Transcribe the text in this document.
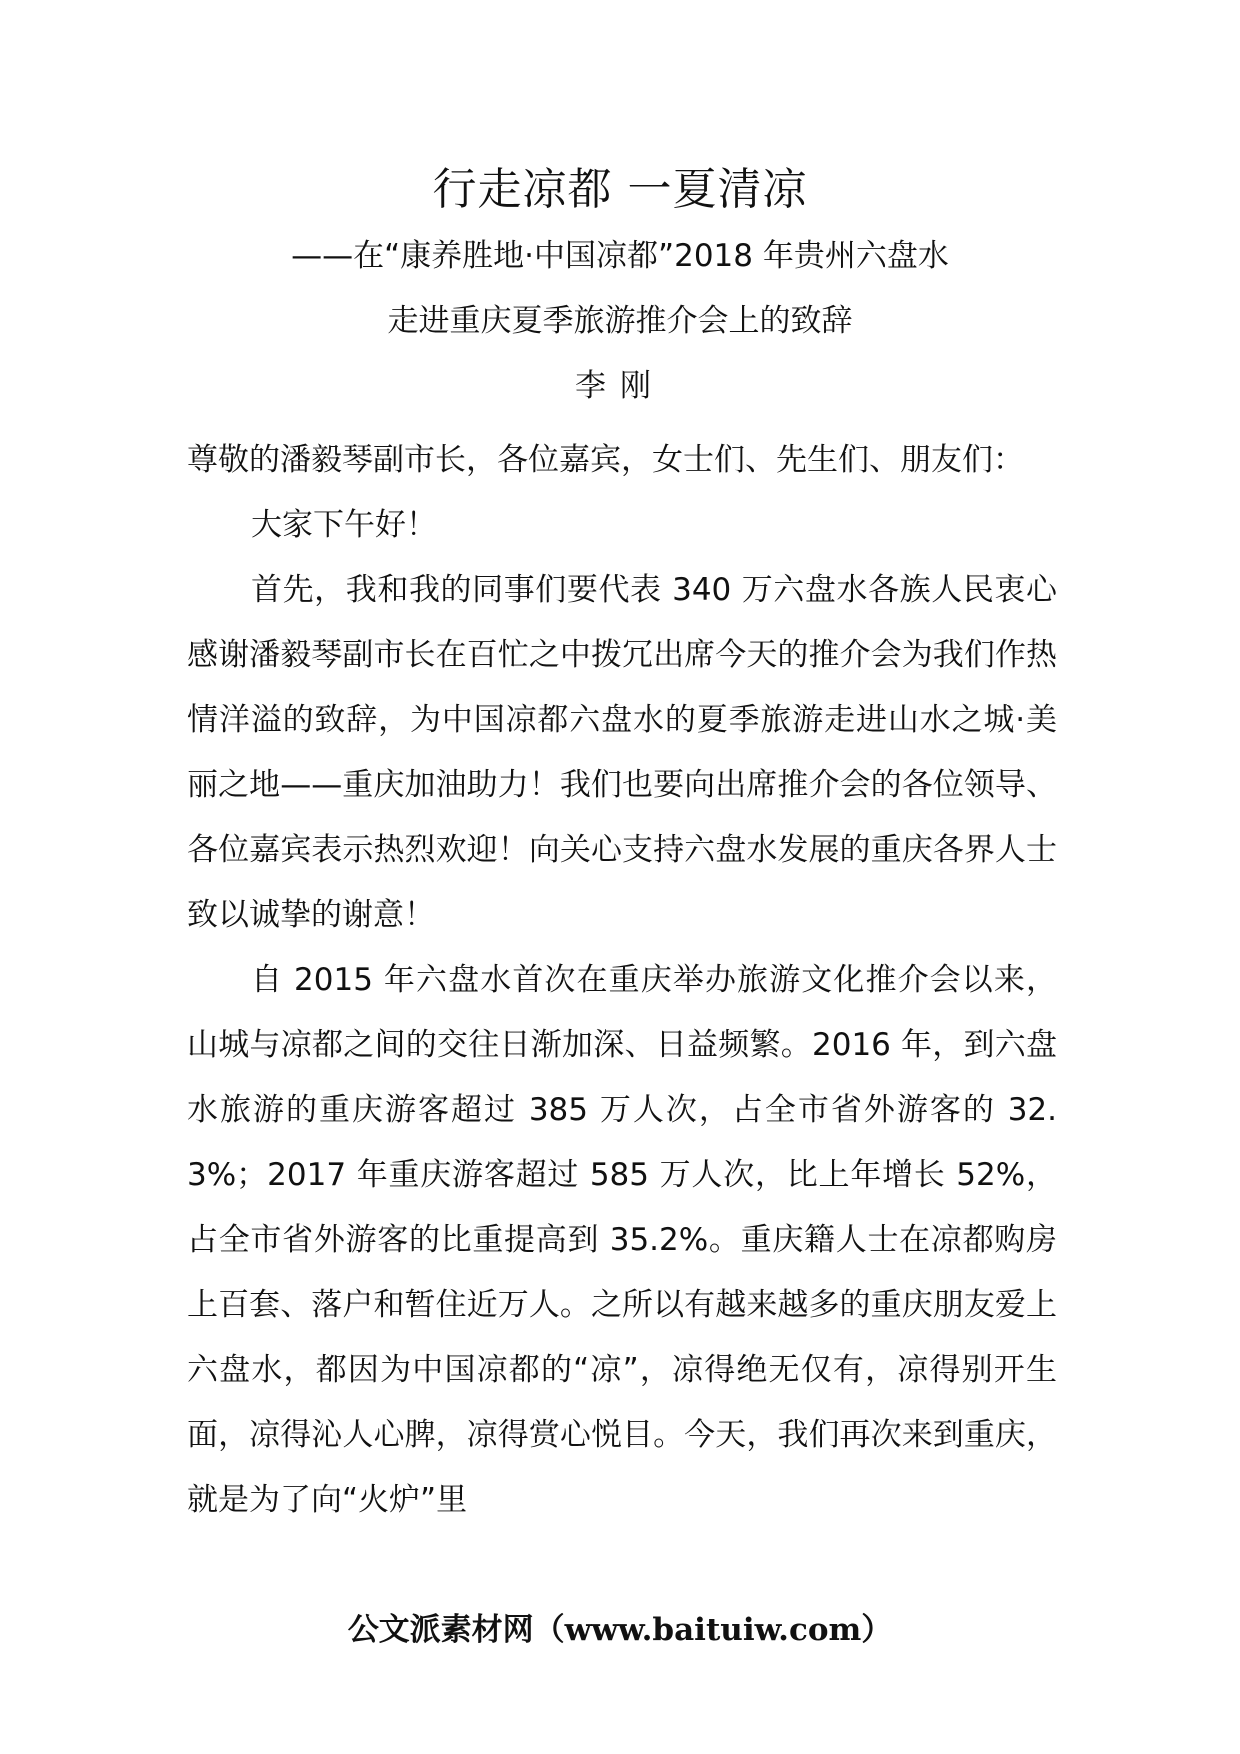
行走凉都 一夏清凉
——在“康养胜地·中国凉都”2018 年贵州六盘水
走进重庆夏季旅游推介会上的致辞
李刚

尊敬的潘毅琴副市长，各位嘉宾，女士们、先生们、朋友们：

大家下午好！

首先，我和我的同事们要代表 340 万六盘水各族人民衷心感谢潘毅琴副市长在百忙之中拨冗出席今天的推介会为我们作热情洋溢的致辞，为中国凉都六盘水的夏季旅游走进山水之城·美丽之地——重庆加油助力！我们也要向出席推介会的各位领导、各位嘉宾表示热烈欢迎！向关心支持六盘水发展的重庆各界人士致以诚挚的谢意！

自 2015 年六盘水首次在重庆举办旅游文化推介会以来，山城与凉都之间的交往日渐加深、日益频繁。2016 年，到六盘水旅游的重庆游客超过 385 万人次，占全市省外游客的 32.3%；2017 年重庆游客超过 585 万人次，比上年增长 52%，占全市省外游客的比重提高到 35.2%。重庆籍人士在凉都购房上百套、落户和暂住近万人。之所以有越来越多的重庆朋友爱上六盘水，都因为中国凉都的“凉”，凉得绝无仅有，凉得别开生面，凉得沁人心脾，凉得赏心悦目。今天，我们再次来到重庆，就是为了向“火炉”里

公文派素材网（www.baituiw.com）
